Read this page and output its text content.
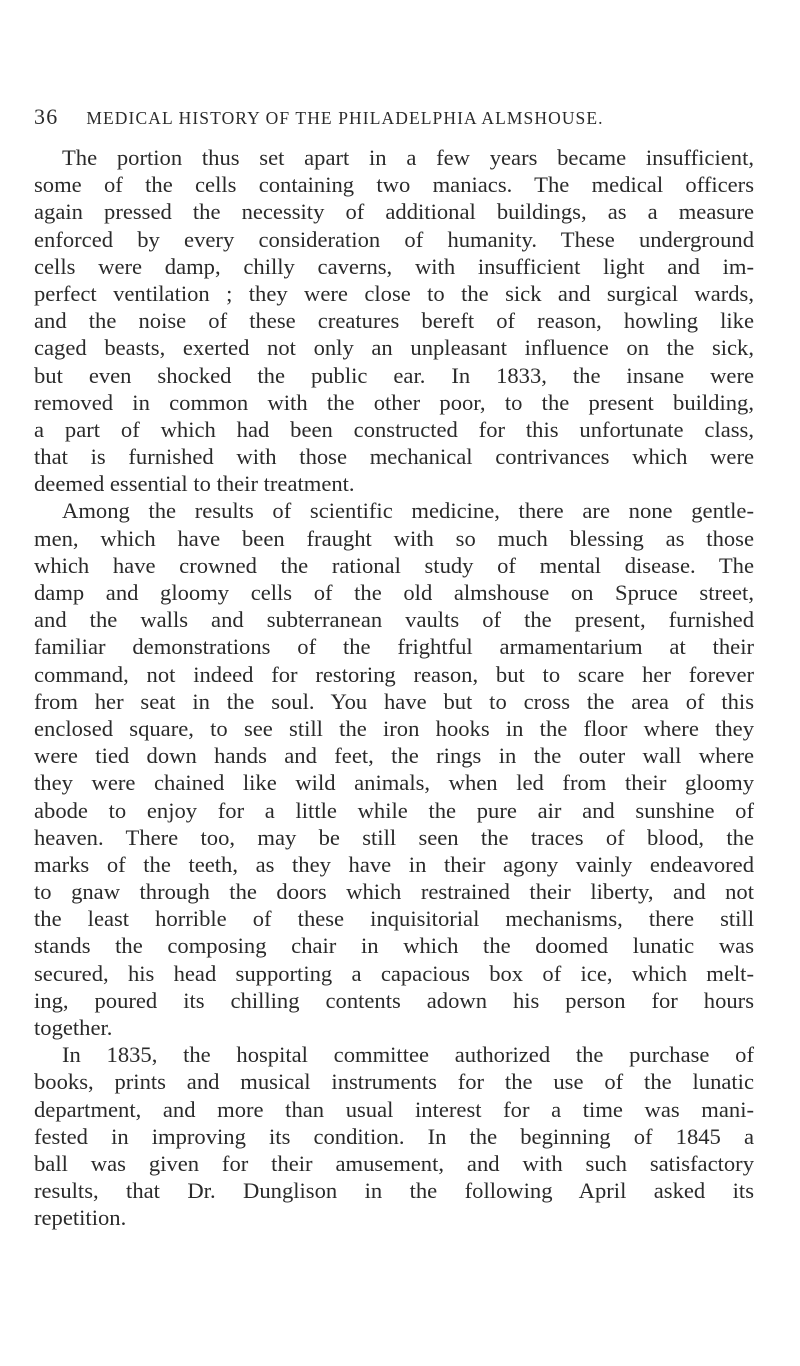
36 MEDICAL HISTORY OF THE PHILADELPHIA ALMSHOUSE.
The portion thus set apart in a few years became insufficient,
some of the cells containing two maniacs. The medical officers
again pressed the necessity of additional buildings, as a measure
enforced by every consideration of humanity. These underground
cells were damp, chilly caverns, with insufficient light and im-
perfect ventilation ; they were close to the sick and surgical wards,
and the noise of these creatures bereft of reason, howling like
caged beasts, exerted not only an unpleasant influence on the sick,
but even shocked the public ear. In 1833, the insane were
removed in common with the other poor, to the present building,
a part of which had been constructed for this unfortunate class,
that is furnished with those mechanical contrivances which were
deemed essential to their treatment.
Among the results of scientific medicine, there are none gentle-
men, which have been fraught with so much blessing as those
which have crowned the rational study of mental disease. The
damp and gloomy cells of the old almshouse on Spruce street,
and the walls and subterranean vaults of the present, furnished
familiar demonstrations of the frightful armamentarium at their
command, not indeed for restoring reason, but to scare her forever
from her seat in the soul. You have but to cross the area of this
enclosed square, to see still the iron hooks in the floor where they
were tied down hands and feet, the rings in the outer wall where
they were chained like wild animals, when led from their gloomy
abode to enjoy for a little while the pure air and sunshine of
heaven. There too, may be still seen the traces of blood, the
marks of the teeth, as they have in their agony vainly endeavored
to gnaw through the doors which restrained their liberty, and not
the least horrible of these inquisitorial mechanisms, there still
stands the composing chair in which the doomed lunatic was
secured, his head supporting a capacious box of ice, which melt-
ing, poured its chilling contents adown his person for hours
together.
In 1835, the hospital committee authorized the purchase of
books, prints and musical instruments for the use of the lunatic
department, and more than usual interest for a time was mani-
fested in improving its condition. In the beginning of 1845 a
ball was given for their amusement, and with such satisfactory
results, that Dr. Dunglison in the following April asked its
repetition.
